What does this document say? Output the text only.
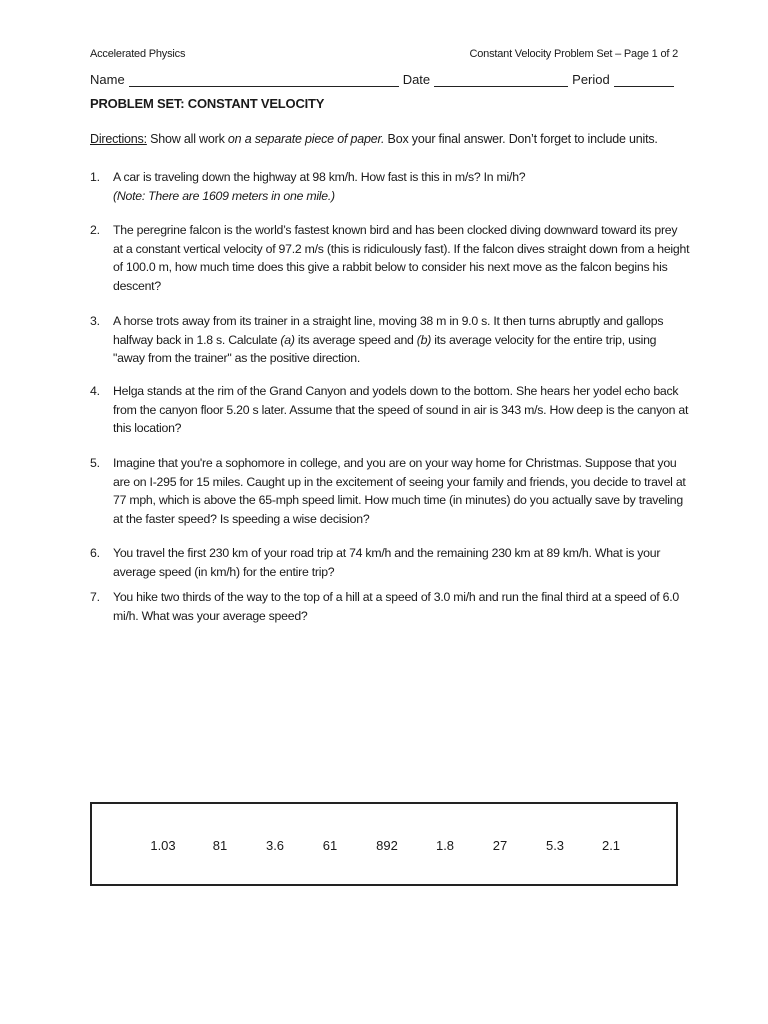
Accelerated Physics	Constant Velocity Problem Set – Page 1 of 2
Name	Date	Period
PROBLEM SET: CONSTANT VELOCITY
Directions: Show all work on a separate piece of paper. Box your final answer. Don’t forget to include units.
1. A car is traveling down the highway at 98 km/h. How fast is this in m/s? In mi/h?
(Note: There are 1609 meters in one mile.)
2. The peregrine falcon is the world’s fastest known bird and has been clocked diving downward toward its prey at a constant vertical velocity of 97.2 m/s (this is ridiculously fast). If the falcon dives straight down from a height of 100.0 m, how much time does this give a rabbit below to consider his next move as the falcon begins his descent?
3. A horse trots away from its trainer in a straight line, moving 38 m in 9.0 s. It then turns abruptly and gallops halfway back in 1.8 s. Calculate (a) its average speed and (b) its average velocity for the entire trip, using "away from the trainer" as the positive direction.
4. Helga stands at the rim of the Grand Canyon and yodels down to the bottom. She hears her yodel echo back from the canyon floor 5.20 s later. Assume that the speed of sound in air is 343 m/s. How deep is the canyon at this location?
5. Imagine that you're a sophomore in college, and you are on your way home for Christmas. Suppose that you are on I-295 for 15 miles. Caught up in the excitement of seeing your family and friends, you decide to travel at 77 mph, which is above the 65-mph speed limit. How much time (in minutes) do you actually save by traveling at the faster speed? Is speeding a wise decision?
6. You travel the first 230 km of your road trip at 74 km/h and the remaining 230 km at 89 km/h. What is your average speed (in km/h) for the entire trip?
7. You hike two thirds of the way to the top of a hill at a speed of 3.0 mi/h and run the final third at a speed of 6.0 mi/h. What was your average speed?
1.03	81	3.6	61	892	1.8	27	5.3	2.1
